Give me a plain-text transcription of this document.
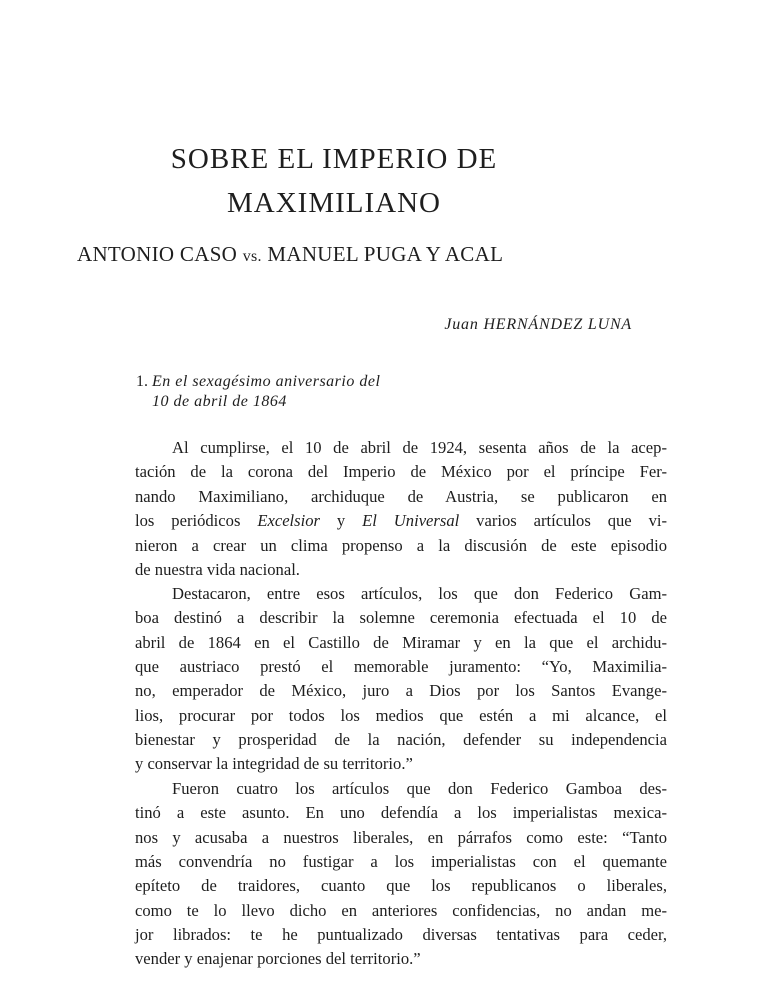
SOBRE EL IMPERIO DE
MAXIMILIANO
ANTONIO CASO vs. MANUEL PUGA Y ACAL
Juan HERNÁNDEZ LUNA
1. En el sexagésimo aniversario del
10 de abril de 1864
Al cumplirse, el 10 de abril de 1924, sesenta años de la acep-
tación de la corona del Imperio de México por el príncipe Fer-
nando Maximiliano, archiduque de Austria, se publicaron en
los periódicos Excelsior y El Universal varios artículos que vi-
nieron a crear un clima propenso a la discusión de este episodio
de nuestra vida nacional.
Destacaron, entre esos artículos, los que don Federico Gam-
boa destinó a describir la solemne ceremonia efectuada el 10 de
abril de 1864 en el Castillo de Miramar y en la que el archidu-
que austriaco prestó el memorable juramento: “Yo, Maximilia-
no, emperador de México, juro a Dios por los Santos Evange-
lios, procurar por todos los medios que estén a mi alcance, el
bienestar y prosperidad de la nación, defender su independencia
y conservar la integridad de su territorio.”
Fueron cuatro los artículos que don Federico Gamboa des-
tinó a este asunto. En uno defendía a los imperialistas mexica-
nos y acusaba a nuestros liberales, en párrafos como este: “Tanto
más convendría no fustigar a los imperialistas con el quemante
epíteto de traidores, cuanto que los republicanos o liberales,
como te lo llevo dicho en anteriores confidencias, no andan me-
jor librados: te he puntualizado diversas tentativas para ceder,
vender y enajenar porciones del territorio.”
